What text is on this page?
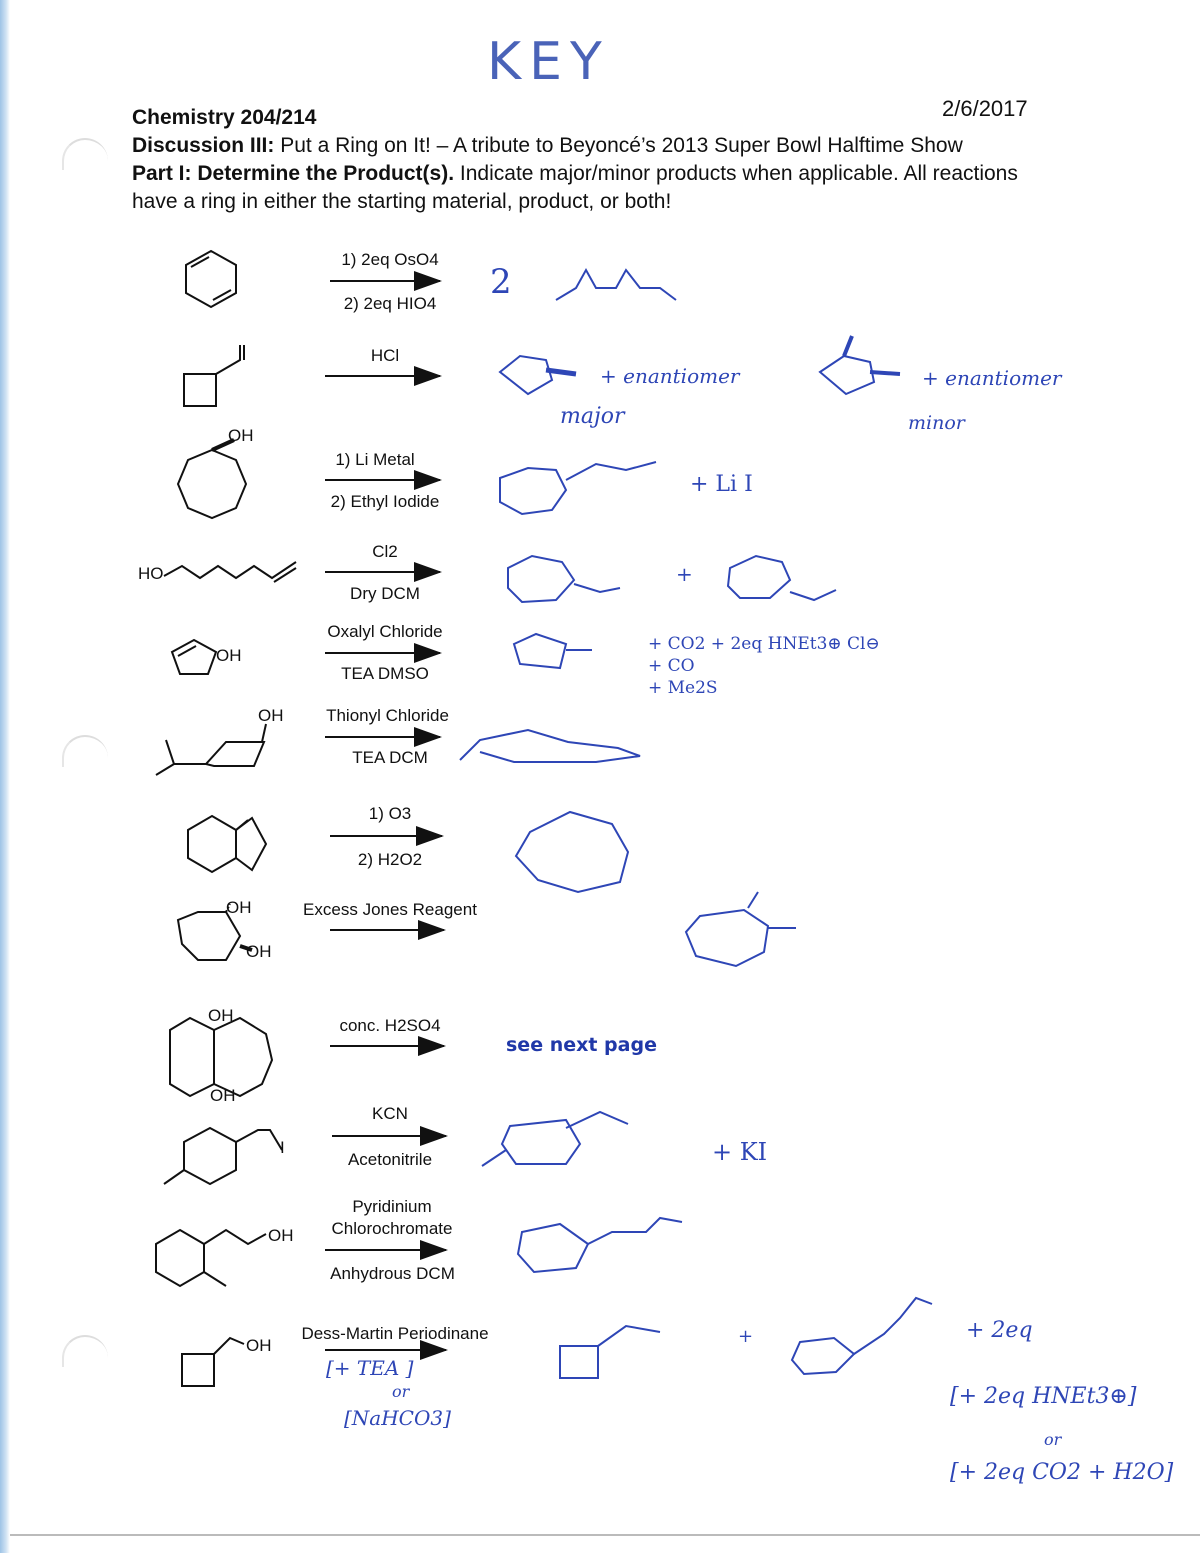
KEY
2/6/2017
Chemistry 204/214
Discussion III: Put a Ring on It! – A tribute to Beyoncé’s 2013 Super Bowl Halftime Show
Part I: Determine the Product(s). Indicate major/minor products when applicable. All reactions
have a ring in either the starting material, product, or both!
1) 2eq OsO4
2) 2eq HIO4
HCl
1) Li Metal
2) Ethyl Iodide
Cl2
Dry DCM
Oxalyl Chloride
TEA DMSO
Thionyl Chloride
TEA DCM
1) O3
2) H2O2
Excess Jones Reagent
conc. H2SO4
KCN
Acetonitrile
Pyridinium Chlorochromate
Anhydrous DCM
Dess-Martin Periodinane
OH
HO
OH
OH
OH
OH
OH
OH
I
OH
OH
2
+ enantiomer	+ enantiomer
major	minor
+ Li I
+
+ CO2 + 2eq HNEt3⊕ Cl⊖
+ CO
+ Me2S
see next page
+ KI
[+ TEA ]
or
[NaHCO3]
+	+ 2eq
[+ 2eq HNEt3⊕]
or
[+ 2eq CO2 + H2O]
